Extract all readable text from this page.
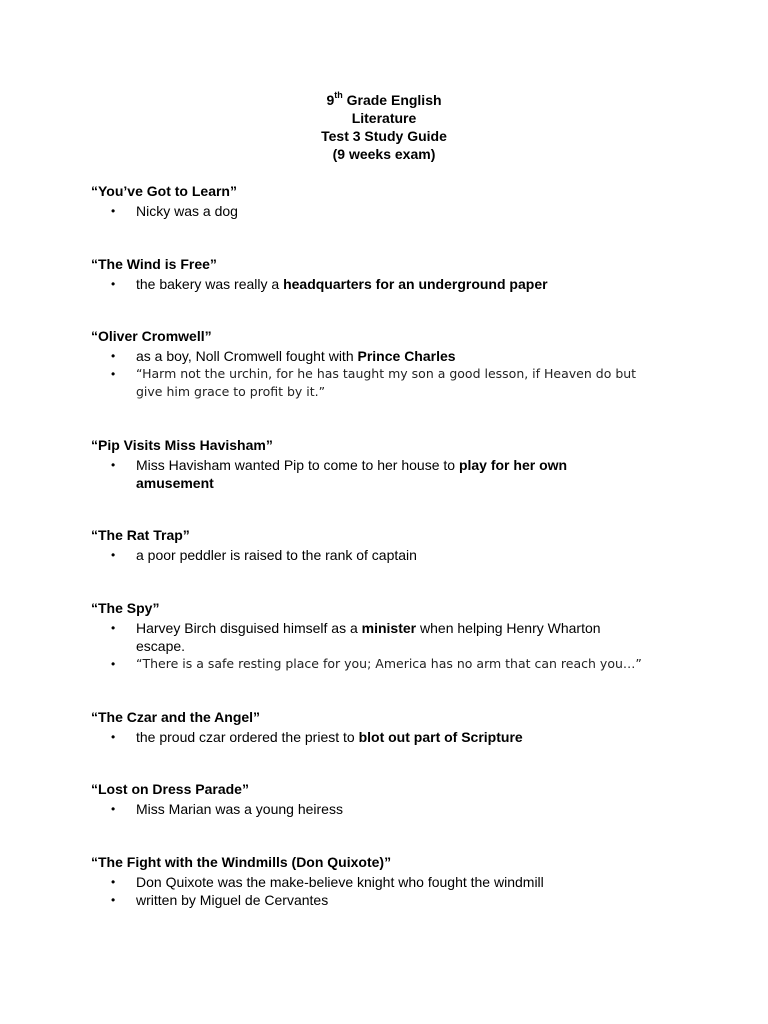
9th Grade English
Literature
Test 3 Study Guide
(9 weeks exam)
“You’ve Got to Learn”
• Nicky was a dog
“The Wind is Free”
• the bakery was really a headquarters for an underground paper
“Oliver Cromwell”
• as a boy, Noll Cromwell fought with Prince Charles
• “Harm not the urchin, for he has taught my son a good lesson, if Heaven do but give him grace to profit by it.”
“Pip Visits Miss Havisham”
• Miss Havisham wanted Pip to come to her house to play for her own amusement
“The Rat Trap”
• a poor peddler is raised to the rank of captain
“The Spy”
• Harvey Birch disguised himself as a minister when helping Henry Wharton escape.
• “There is a safe resting place for you; America has no arm that can reach you…”
“The Czar and the Angel”
• the proud czar ordered the priest to blot out part of Scripture
“Lost on Dress Parade”
• Miss Marian was a young heiress
“The Fight with the Windmills (Don Quixote)”
• Don Quixote was the make-believe knight who fought the windmill
• written by Miguel de Cervantes
